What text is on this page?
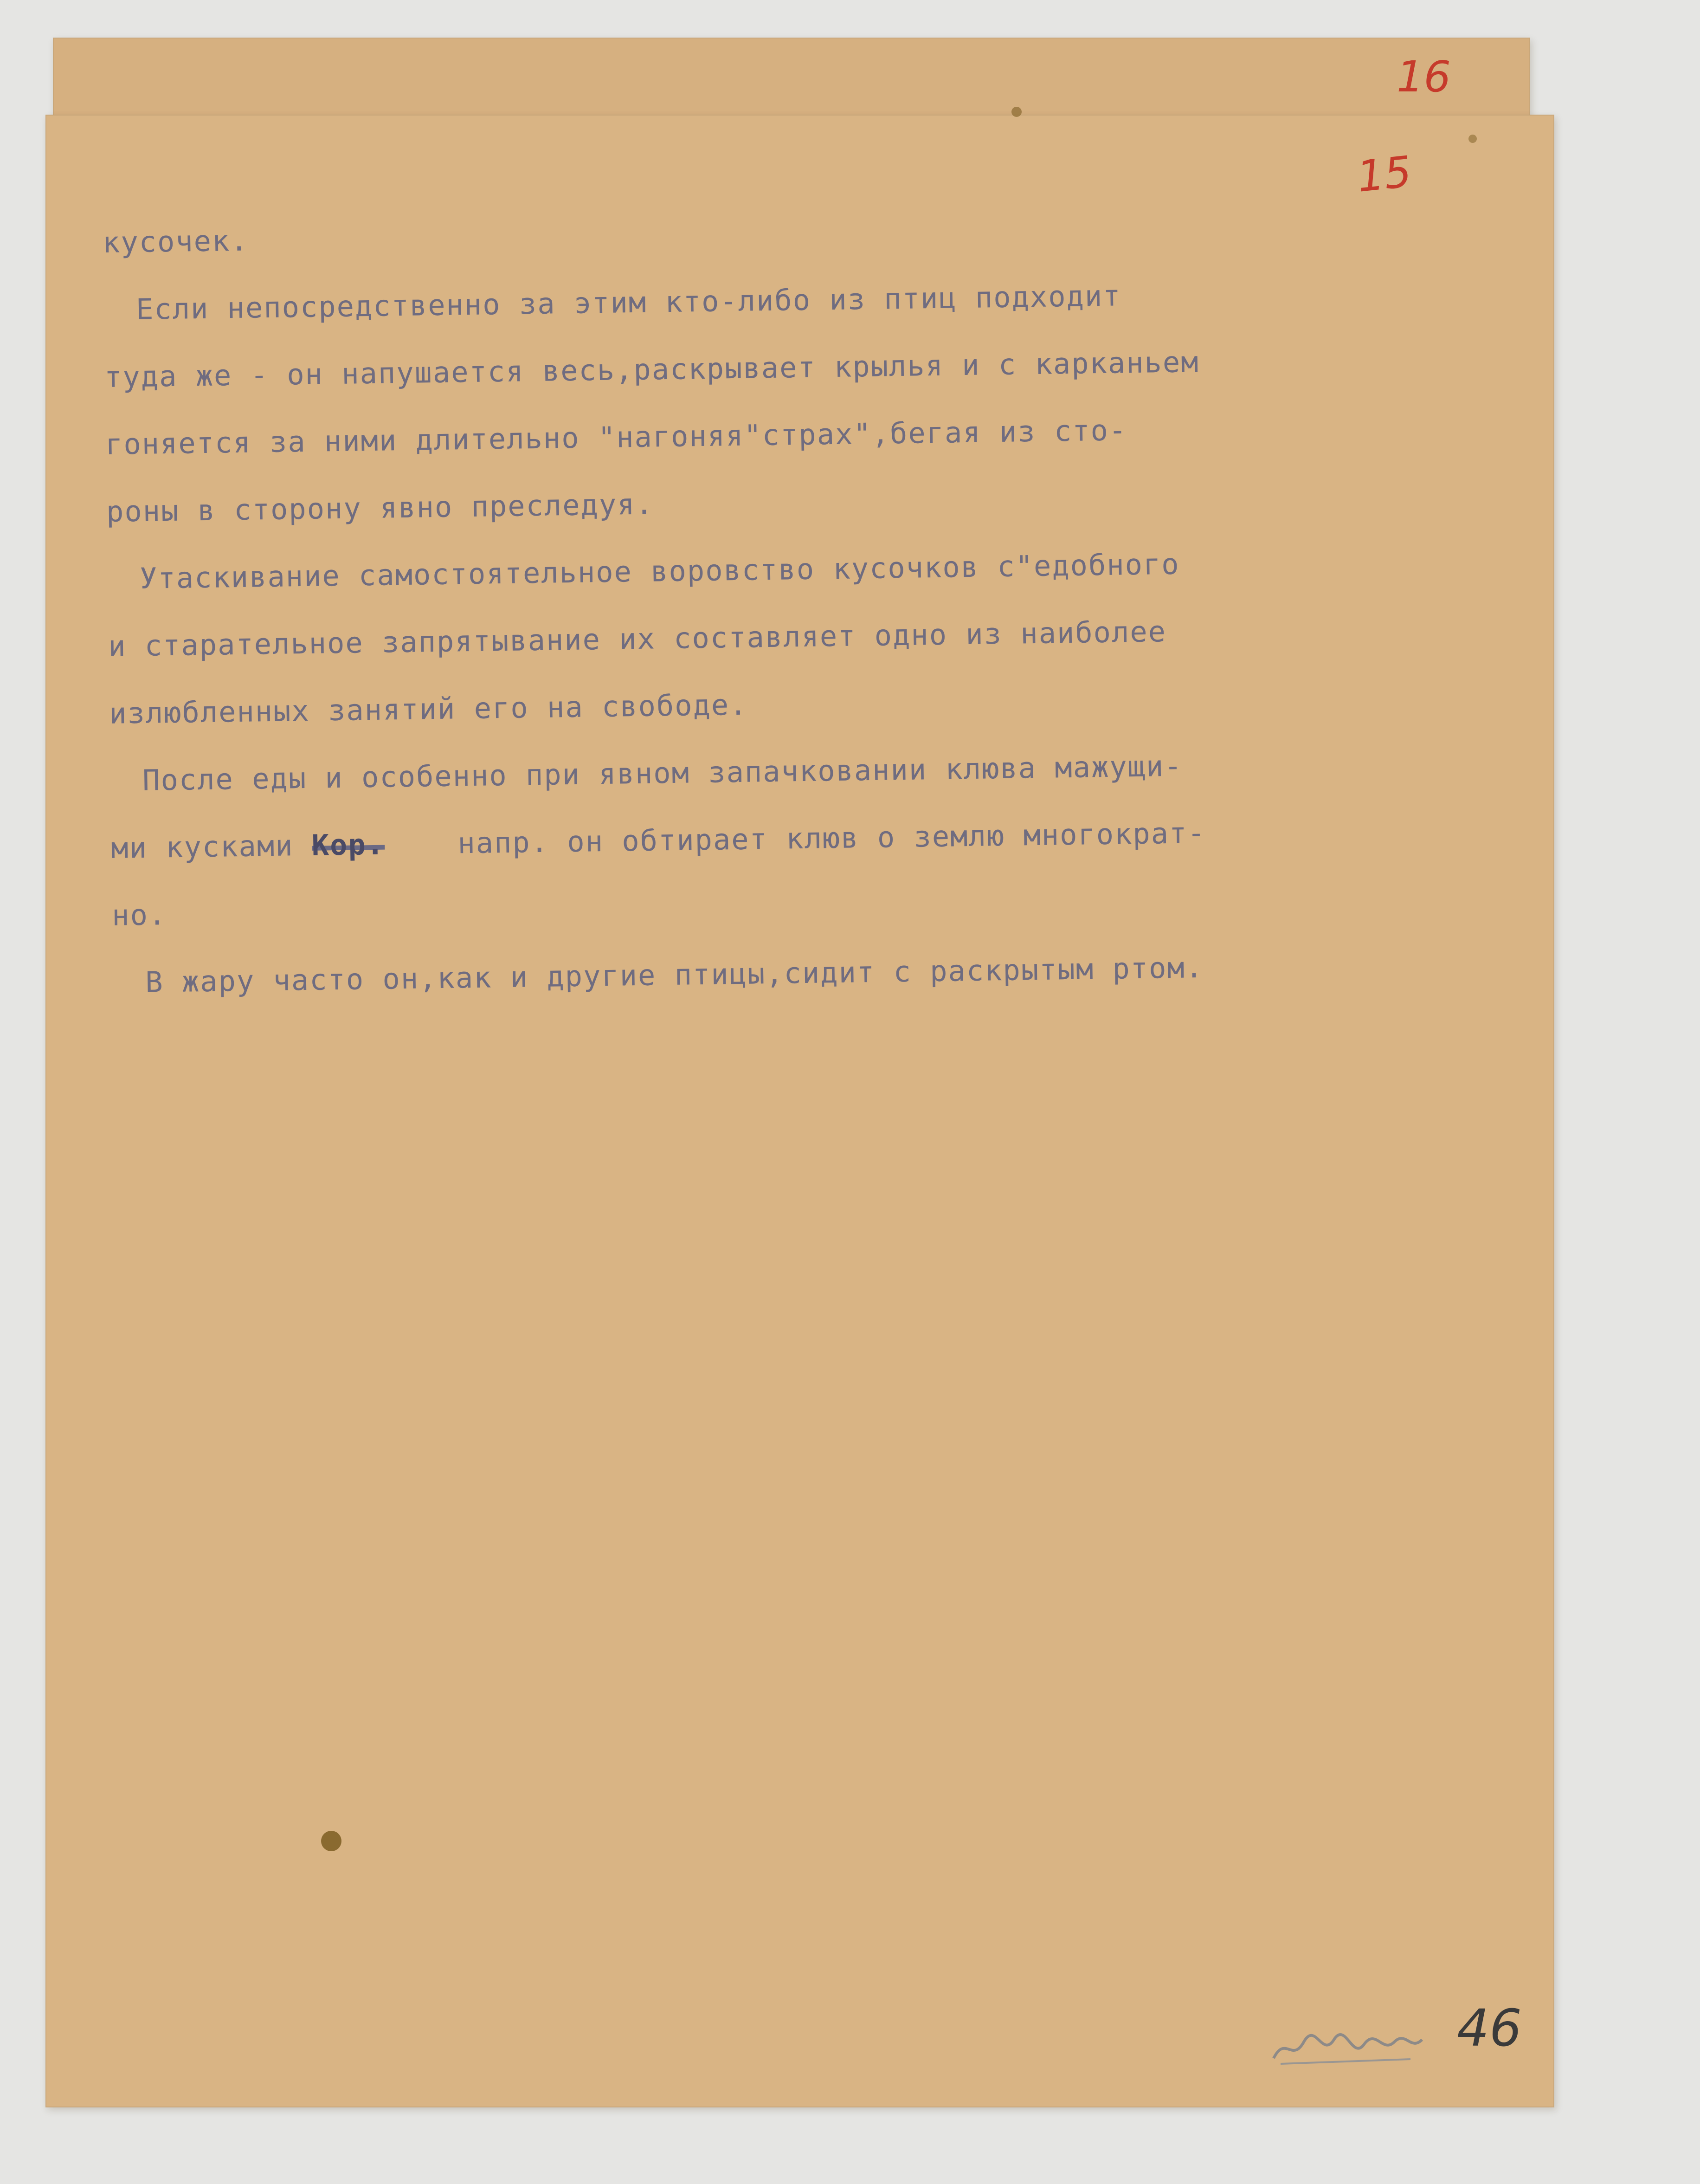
16
15
кусочек.
Если непосредственно за этим кто-либо из птиц подходит
туда же - он напушается весь,раскрывает крылья и с карканьем
гоняется за ними длительно "нагоняя"страх",бегая из сто-
роны в сторону явно преследуя.
Утаскивание самостоятельное воровство кусочков с"едобного
и старательное запрятывание их составляет одно из наиболее
излюбленных занятий его на свободе.
После еды и особенно при явном запачковании клюва мажущи-
ми кусками Кор.	напр. он обтирает клюв о землю многократ-
но.
В жару часто он,как и другие птицы,сидит с раскрытым ртом.
46
